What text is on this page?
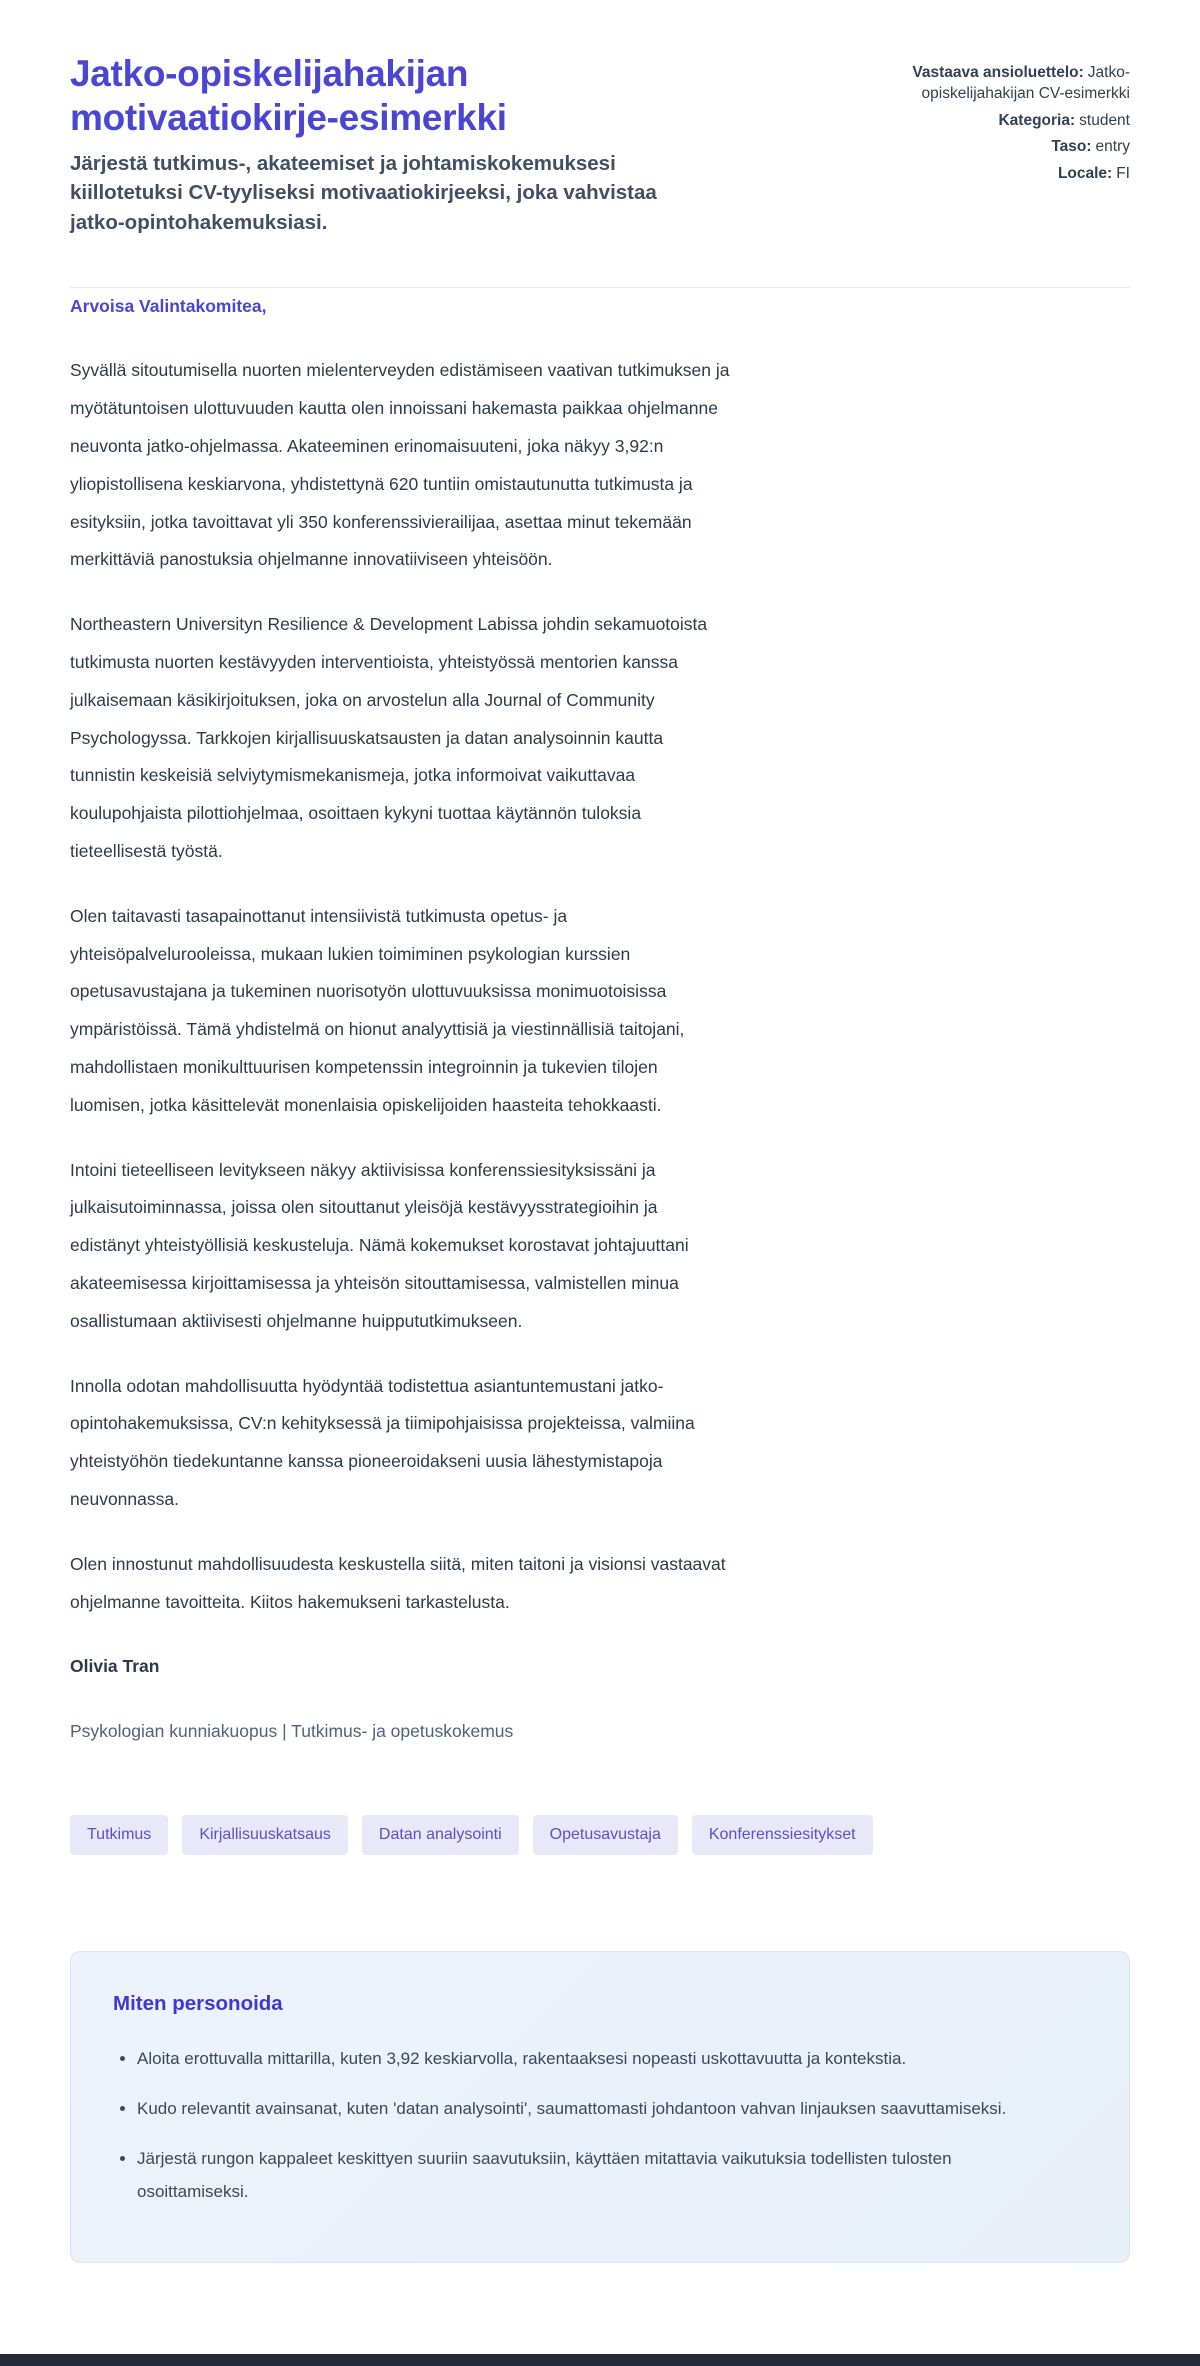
Jatko-opiskelijahakijan motivaatiokirje-esimerkki

Järjestä tutkimus-, akateemiset ja johtamiskokemuksesi kiillotetuksi CV-tyyliseksi motivaatiokirjeeksi, joka vahvistaa jatko-opintohakemuksiasi.

Vastaava ansioluettelo: Jatko-opiskelijahakijan CV-esimerkki
Kategoria: student
Taso: entry
Locale: FI

Arvoisa Valintakomitea,

Syvällä sitoutumisella nuorten mielenterveyden edistämiseen vaativan tutkimuksen ja myötätuntoisen ulottuvuuden kautta olen innoissani hakemasta paikkaa ohjelmanne neuvonta jatko-ohjelmassa. Akateeminen erinomaisuuteni, joka näkyy 3,92:n yliopistollisena keskiarvona, yhdistettynä 620 tuntiin omistautunutta tutkimusta ja esityksiin, jotka tavoittavat yli 350 konferenssivierailijaa, asettaa minut tekemään merkittäviä panostuksia ohjelmanne innovatiiviseen yhteisöön.

Northeastern Universityn Resilience & Development Labissa johdin sekamuotoista tutkimusta nuorten kestävyyden interventioista, yhteistyössä mentorien kanssa julkaisemaan käsikirjoituksen, joka on arvostelun alla Journal of Community Psychologyssa. Tarkkojen kirjallisuuskatsausten ja datan analysoinnin kautta tunnistin keskeisiä selviytymismekanismeja, jotka informoivat vaikuttavaa koulupohjaista pilottiohjelmaa, osoittaen kykyni tuottaa käytännön tuloksia tieteellisestä työstä.

Olen taitavasti tasapainottanut intensiivistä tutkimusta opetus- ja yhteisöpalvelurooleissa, mukaan lukien toimiminen psykologian kurssien opetusavustajana ja tukeminen nuorisotyön ulottuvuuksissa monimuotoisissa ympäristöissä. Tämä yhdistelmä on hionut analyyttisiä ja viestinnällisiä taitojani, mahdollistaen monikulttuurisen kompetenssin integroinnin ja tukevien tilojen luomisen, jotka käsittelevät monenlaisia opiskelijoiden haasteita tehokkaasti.

Intoini tieteelliseen levitykseen näkyy aktiivisissa konferenssiesityksissäni ja julkaisutoiminnassa, joissa olen sitouttanut yleisöjä kestävyysstrategioihin ja edistänyt yhteistyöllisiä keskusteluja. Nämä kokemukset korostavat johtajuuttani akateemisessa kirjoittamisessa ja yhteisön sitouttamisessa, valmistellen minua osallistumaan aktiivisesti ohjelmanne huippututkimukseen.

Innolla odotan mahdollisuutta hyödyntää todistettua asiantuntemustani jatko-opintohakemuksissa, CV:n kehityksessä ja tiimipohjaisissa projekteissa, valmiina yhteistyöhön tiedekuntanne kanssa pioneeroidakseni uusia lähestymistapoja neuvonnassa.

Olen innostunut mahdollisuudesta keskustella siitä, miten taitoni ja visionsi vastaavat ohjelmanne tavoitteita. Kiitos hakemukseni tarkastelusta.

Olivia Tran

Psykologian kunniakuopus | Tutkimus- ja opetuskokemus

Tutkimus	Kirjallisuuskatsaus	Datan analysointi	Opetusavustaja	Konferenssiesitykset
Miten personoida
• Aloita erottuvalla mittarilla, kuten 3,92 keskiarvolla, rakentaaksesi nopeasti uskottavuutta ja kontekstia.
• Kudo relevantit avainsanat, kuten 'datan analysointi', saumattomasti johdantoon vahvan linjauksen saavuttamiseksi.
• Järjestä rungon kappaleet keskittyen suuriin saavutuksiin, käyttäen mitattavia vaikutuksia todellisten tulosten osoittamiseksi.
